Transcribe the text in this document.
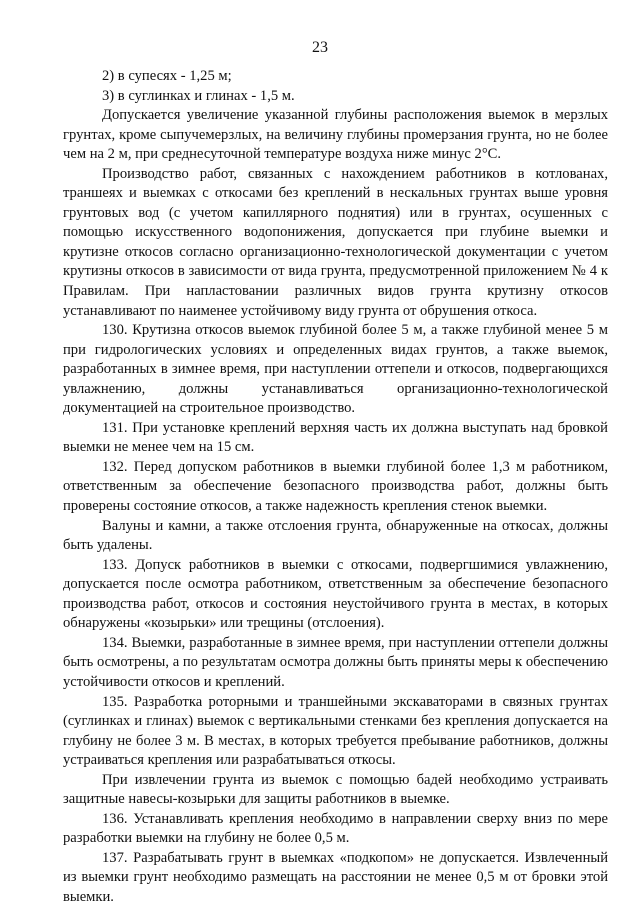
23

2) в супесях - 1,25 м;

3) в суглинках и глинах - 1,5 м.

Допускается увеличение указанной глубины расположения выемок в мерзлых грунтах, кроме сыпучемерзлых, на величину глубины промерзания грунта, но не более чем на 2 м, при среднесуточной температуре воздуха ниже минус 2°С.

Производство работ, связанных с нахождением работников в котлованах, траншеях и выемках с откосами без креплений в нескальных грунтах выше уровня грунтовых вод (с учетом капиллярного поднятия) или в грунтах, осушенных с помощью искусственного водопонижения, допускается при глубине выемки и крутизне откосов согласно организационно-технологической документации с учетом крутизны откосов в зависимости от вида грунта, предусмотренной приложением № 4 к Правилам. При напластовании различных видов грунта крутизну откосов устанавливают по наименее устойчивому виду грунта от обрушения откоса.

130. Крутизна откосов выемок глубиной более 5 м, а также глубиной менее 5 м при гидрологических условиях и определенных видах грунтов, а также выемок, разработанных в зимнее время, при наступлении оттепели и откосов, подвергающихся увлажнению, должны устанавливаться организационно-технологической документацией на строительное производство.

131. При установке креплений верхняя часть их должна выступать над бровкой выемки не менее чем на 15 см.

132. Перед допуском работников в выемки глубиной более 1,3 м работником, ответственным за обеспечение безопасного производства работ, должны быть проверены состояние откосов, а также надежность крепления стенок выемки.

Валуны и камни, а также отслоения грунта, обнаруженные на откосах, должны быть удалены.

133. Допуск работников в выемки с откосами, подвергшимися увлажнению, допускается после осмотра работником, ответственным за обеспечение безопасного производства работ, откосов и состояния неустойчивого грунта в местах, в которых обнаружены «козырьки» или трещины (отслоения).

134. Выемки, разработанные в зимнее время, при наступлении оттепели должны быть осмотрены, а по результатам осмотра должны быть приняты меры к обеспечению устойчивости откосов и креплений.

135. Разработка роторными и траншейными экскаваторами в связных грунтах (суглинках и глинах) выемок с вертикальными стенками без крепления допускается на глубину не более 3 м. В местах, в которых требуется пребывание работников, должны устраиваться крепления или разрабатываться откосы.

При извлечении грунта из выемок с помощью бадей необходимо устраивать защитные навесы-козырьки для защиты работников в выемке.

136. Устанавливать крепления необходимо в направлении сверху вниз по мере разработки выемки на глубину не более 0,5 м.

137. Разрабатывать грунт в выемках «подкопом» не допускается. Извлеченный из выемки грунт необходимо размещать на расстоянии не менее 0,5 м от бровки этой выемки.
